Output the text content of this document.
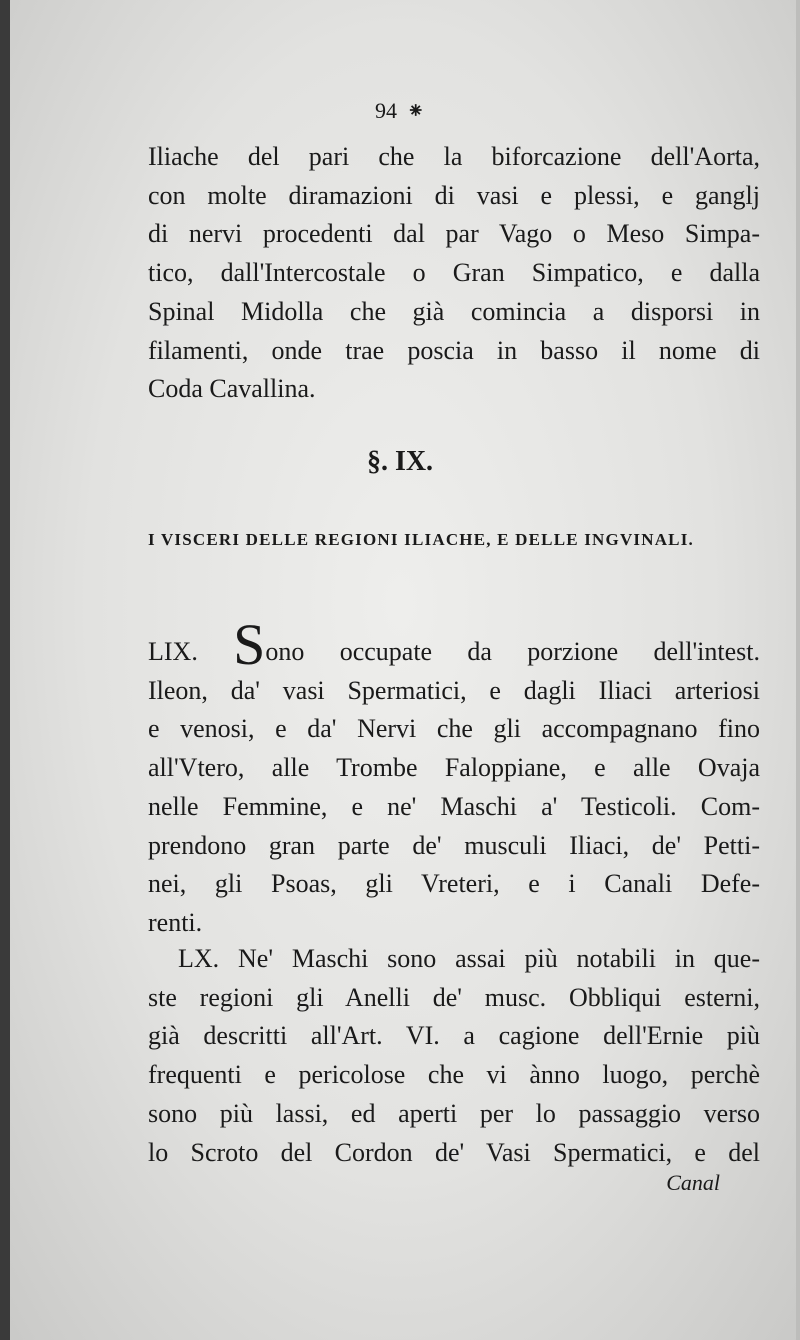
94 ⁕
Iliache del pari che la biforcazione dell'Aorta,
con molte diramazioni di vasi e plessi, e ganglj
di nervi procedenti dal par Vago o Meso Simpa-
tico, dall'Intercostale o Gran Simpatico, e dalla
Spinal Midolla che già comincia a disporsi in
filamenti, onde trae poscia in basso il nome di
Coda Cavallina.
§. IX.
I VISCERI DELLE REGIONI ILIACHE, E DELLE INGVINALI.
LIX. Sono occupate da porzione dell'intest.
Ileon, da' vasi Spermatici, e dagli Iliaci arteriosi
e venosi, e da' Nervi che gli accompagnano fino
all'Vtero, alle Trombe Faloppiane, e alle Ovaja
nelle Femmine, e ne' Maschi a' Testicoli. Com-
prendono gran parte de' musculi Iliaci, de' Petti-
nei, gli Psoas, gli Vreteri, e i Canali Defe-
renti.
LX. Ne' Maschi sono assai più notabili in que-
ste regioni gli Anelli de' musc. Obbliqui esterni,
già descritti all'Art. VI. a cagione dell'Ernie più
frequenti e pericolose che vi ànno luogo, perchè
sono più lassi, ed aperti per lo passaggio verso
lo Scroto del Cordon de' Vasi Spermatici, e del
Canal
